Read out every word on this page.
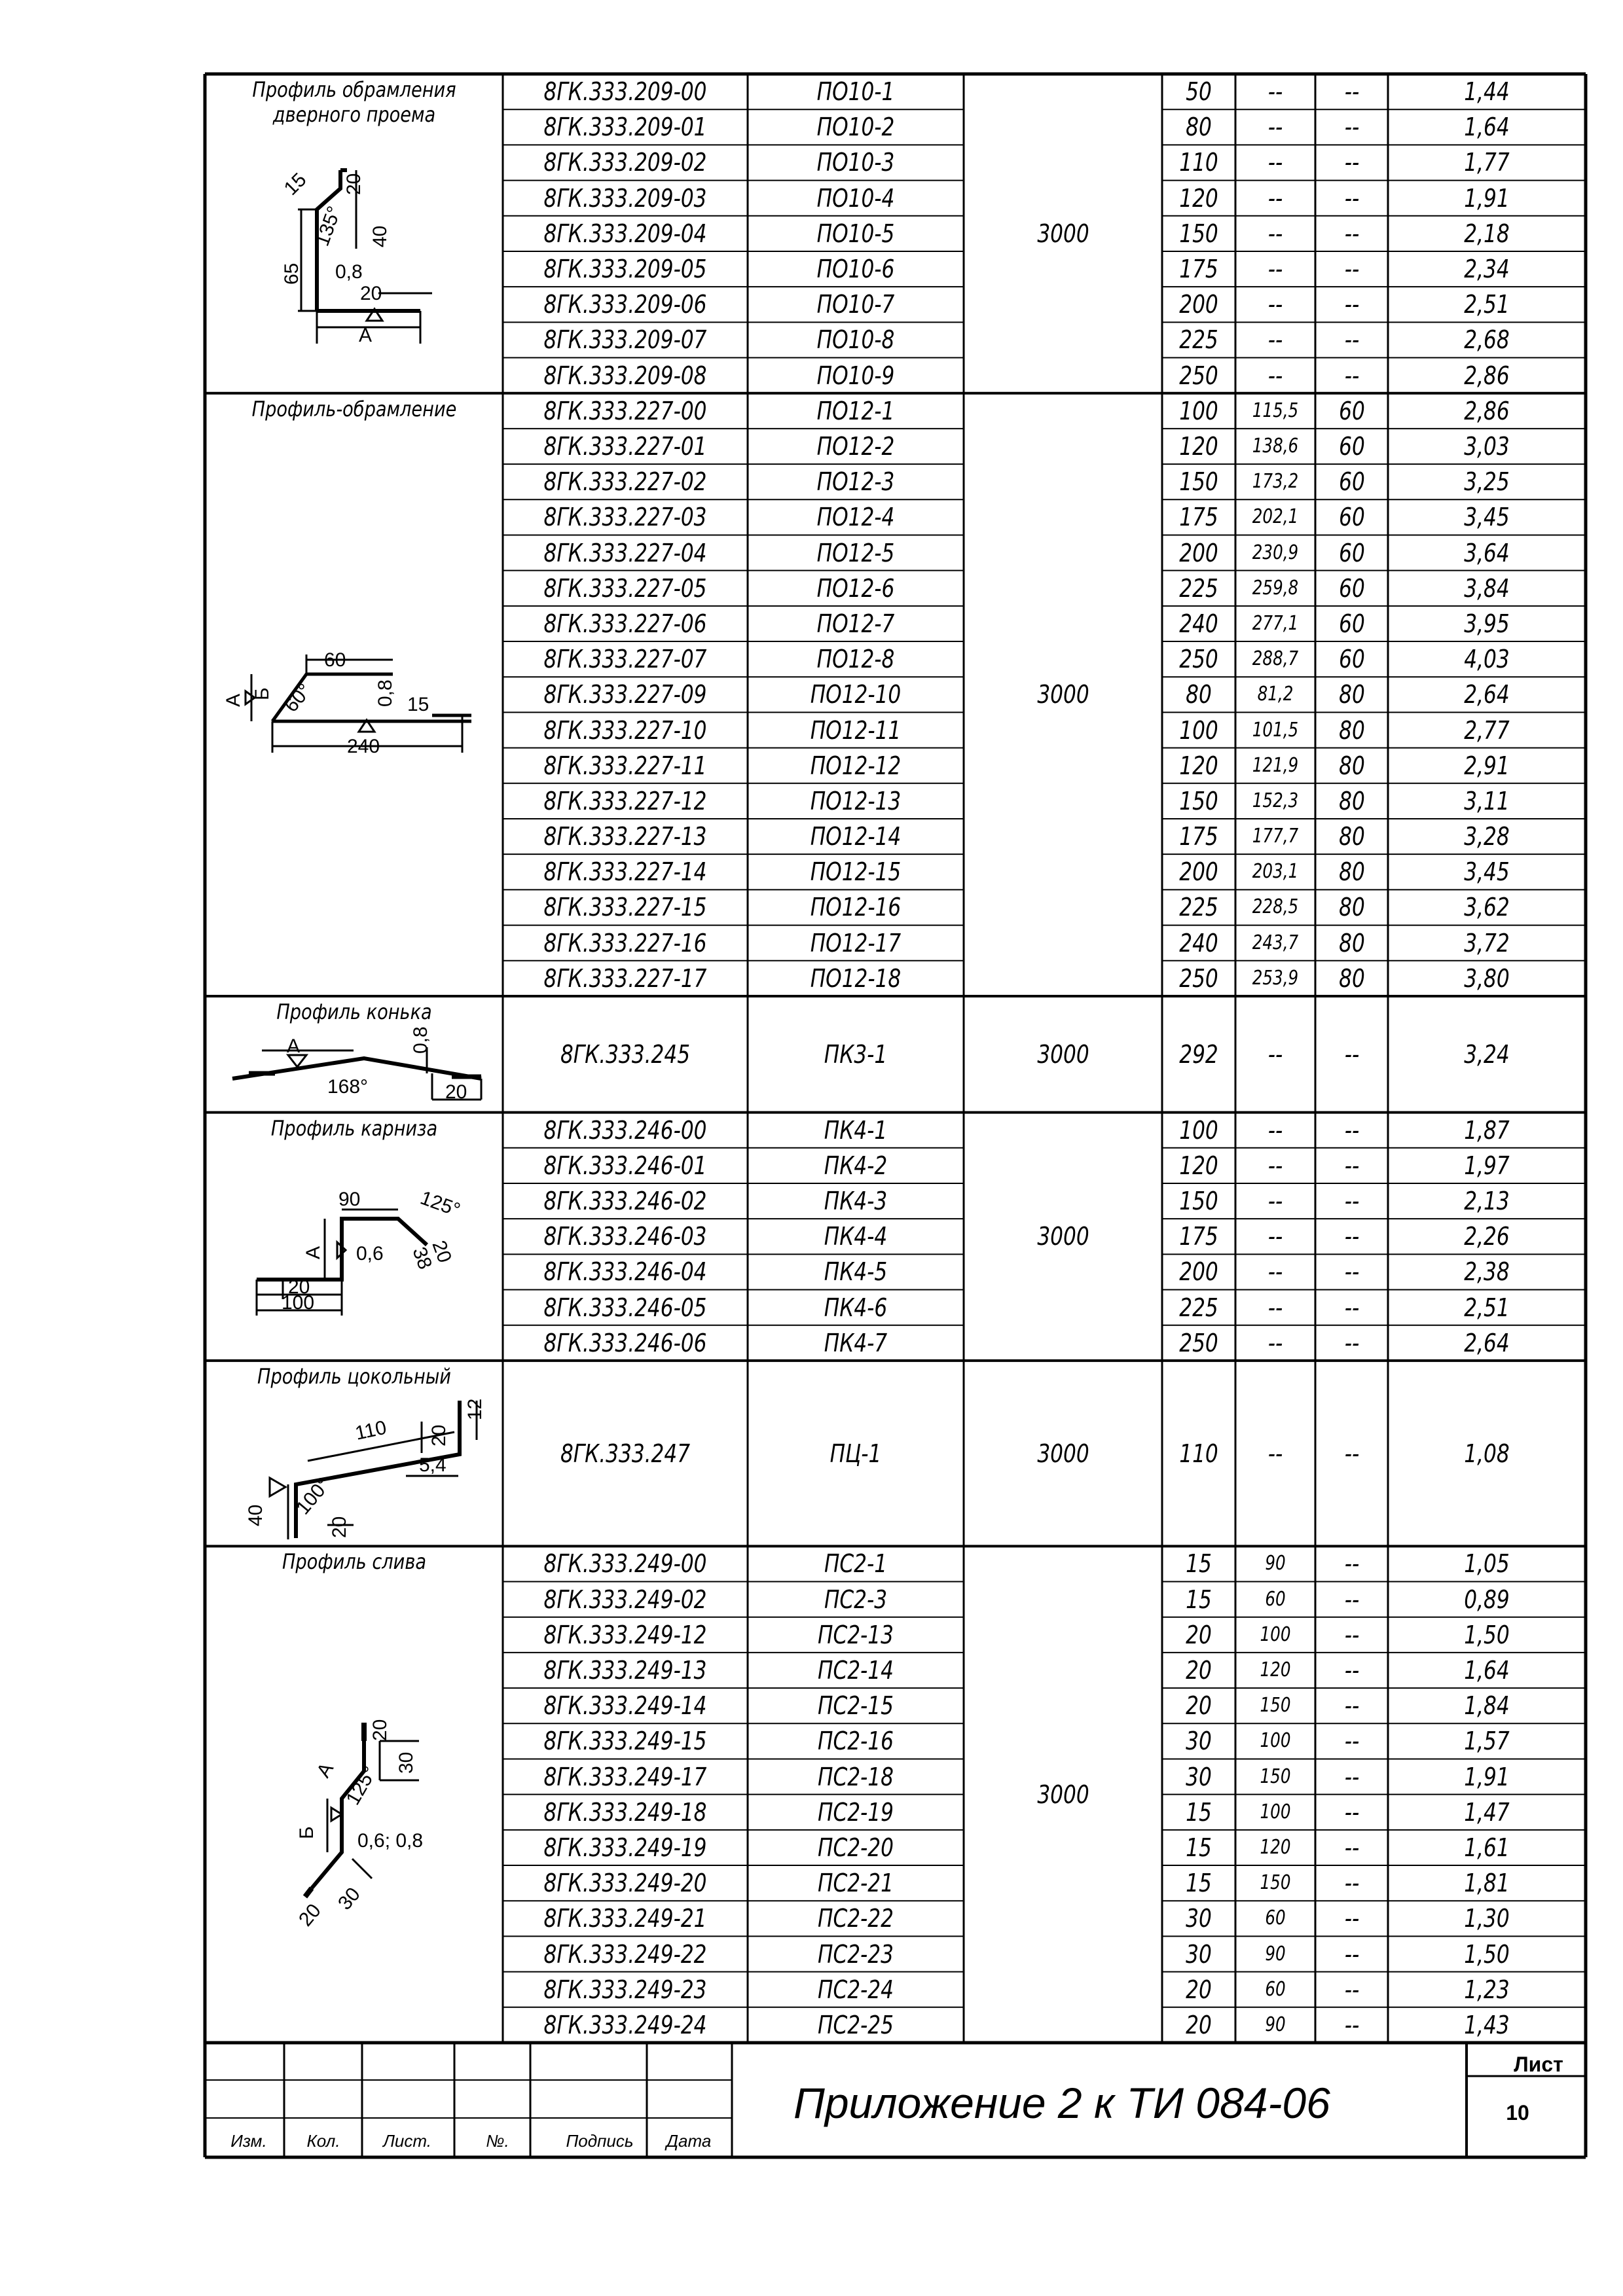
15 20
135° 40
65 0,8
20
A
60
A Б 60°	0,8 15
240
A	0,8
168°	20
125°
90
20
38
A 0,6
20
100
110 20
12
5,4
40 100°
20
20
A	30
125°
Б 0,6; 0,8
20
30
Профиль обрамления
дверного проема
3000
8ГК.333.209-00	ПО10-1	50 -- --	1,44
8ГК.333.209-01	ПО10-2	80 -- --	1,64
8ГК.333.209-02	ПО10-3	110 -- --	1,77
8ГК.333.209-03	ПО10-4	120 -- --	1,91
8ГК.333.209-04	ПО10-5	150 -- --	2,18
8ГК.333.209-05	ПО10-6	175 -- --	2,34
8ГК.333.209-06	ПО10-7	200 -- --	2,51
8ГК.333.209-07	ПО10-8	225 -- --	2,68
8ГК.333.209-08	ПО10-9	250 -- --	2,86
Профиль-обрамление
3000
8ГК.333.227-00	ПО12-1	100 115,5 60	2,86
8ГК.333.227-01	ПО12-2	120 138,6 60	3,03
8ГК.333.227-02	ПО12-3	150 173,2 60	3,25
8ГК.333.227-03	ПО12-4	175 202,1 60	3,45
8ГК.333.227-04	ПО12-5	200 230,9 60	3,64
8ГК.333.227-05	ПО12-6	225 259,8 60	3,84
8ГК.333.227-06	ПО12-7	240 277,1 60	3,95
8ГК.333.227-07	ПО12-8	250 288,7 60	4,03
8ГК.333.227-09	ПО12-10	80 81,2 80	2,64
8ГК.333.227-10	ПО12-11	100 101,5 80	2,77
8ГК.333.227-11	ПО12-12	120 121,9 80	2,91
8ГК.333.227-12	ПО12-13	150 152,3 80	3,11
8ГК.333.227-13	ПО12-14	175 177,7 80	3,28
8ГК.333.227-14	ПО12-15	200 203,1 80	3,45
8ГК.333.227-15	ПО12-16	225 228,5 80	3,62
8ГК.333.227-16	ПО12-17	240 243,7 80	3,72
8ГК.333.227-17	ПО12-18	250 253,9 80	3,80
Профиль конька
3000
8ГК.333.245	ПК3-1	292 -- --	3,24
Профиль карниза
3000
8ГК.333.246-00	ПК4-1	100 -- --	1,87
8ГК.333.246-01	ПК4-2	120 -- --	1,97
8ГК.333.246-02	ПК4-3	150 -- --	2,13
8ГК.333.246-03	ПК4-4	175 -- --	2,26
8ГК.333.246-04	ПК4-5	200 -- --	2,38
8ГК.333.246-05	ПК4-6	225 -- --	2,51
8ГК.333.246-06	ПК4-7	250 -- --	2,64
Профиль цокольный
3000
8ГК.333.247	ПЦ-1	110 -- --	1,08
Профиль слива
3000
8ГК.333.249-00	ПС2-1	15	90 --	1,05
8ГК.333.249-02	ПС2-3	15	60 --	0,89
8ГК.333.249-12	ПС2-13	20 100 --	1,50
8ГК.333.249-13	ПС2-14	20 120 --	1,64
8ГК.333.249-14	ПС2-15	20 150 --	1,84
8ГК.333.249-15	ПС2-16	30 100 --	1,57
8ГК.333.249-17	ПС2-18	30 150 --	1,91
8ГК.333.249-18	ПС2-19	15 100 --	1,47
8ГК.333.249-19	ПС2-20	15 120 --	1,61
8ГК.333.249-20	ПС2-21	15 150 --	1,81
8ГК.333.249-21	ПС2-22	30	60 --	1,30
8ГК.333.249-22	ПС2-23	30	90 --	1,50
8ГК.333.249-23	ПС2-24	20	60 --	1,23
8ГК.333.249-24	ПС2-25	20	90 --	1,43
Приложение 2 к ТИ 084-06
Лист
10
Изм. Кол.	Лист.	№.	Подпись Дата
